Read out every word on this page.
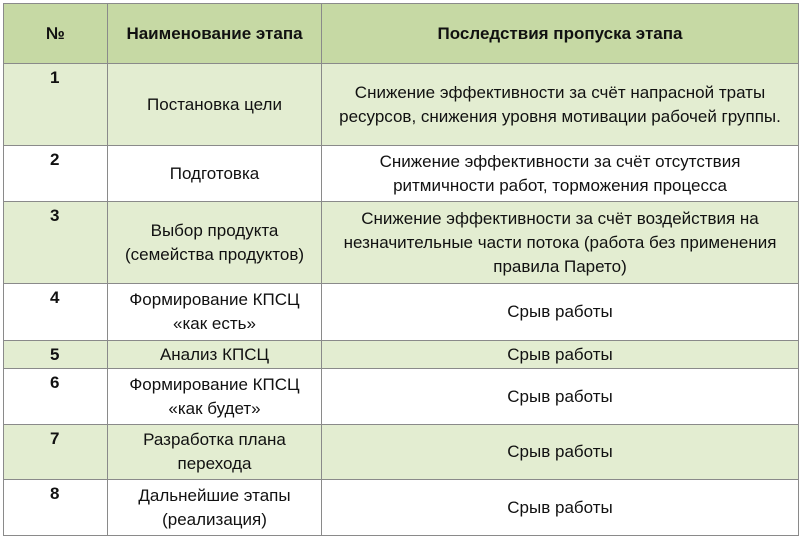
№	Наименование этапа	Последствия пропуска этапа
1	Постановка цели	Снижение эффективности за счёт напрасной траты ресурсов, снижения уровня мотивации рабочей группы.
2	Подготовка	Снижение эффективности за счёт отсутствия ритмичности работ, торможения процесса
3	Выбор продукта (семейства продуктов)	Снижение эффективности за счёт воздействия на незначительные части потока (работа без применения правила Парето)
4	Формирование КПСЦ «как есть»	Срыв работы
5	Анализ КПСЦ	Срыв работы
6	Формирование КПСЦ «как будет»	Срыв работы
7	Разработка плана перехода	Срыв работы
8	Дальнейшие этапы (реализация)	Срыв работы
